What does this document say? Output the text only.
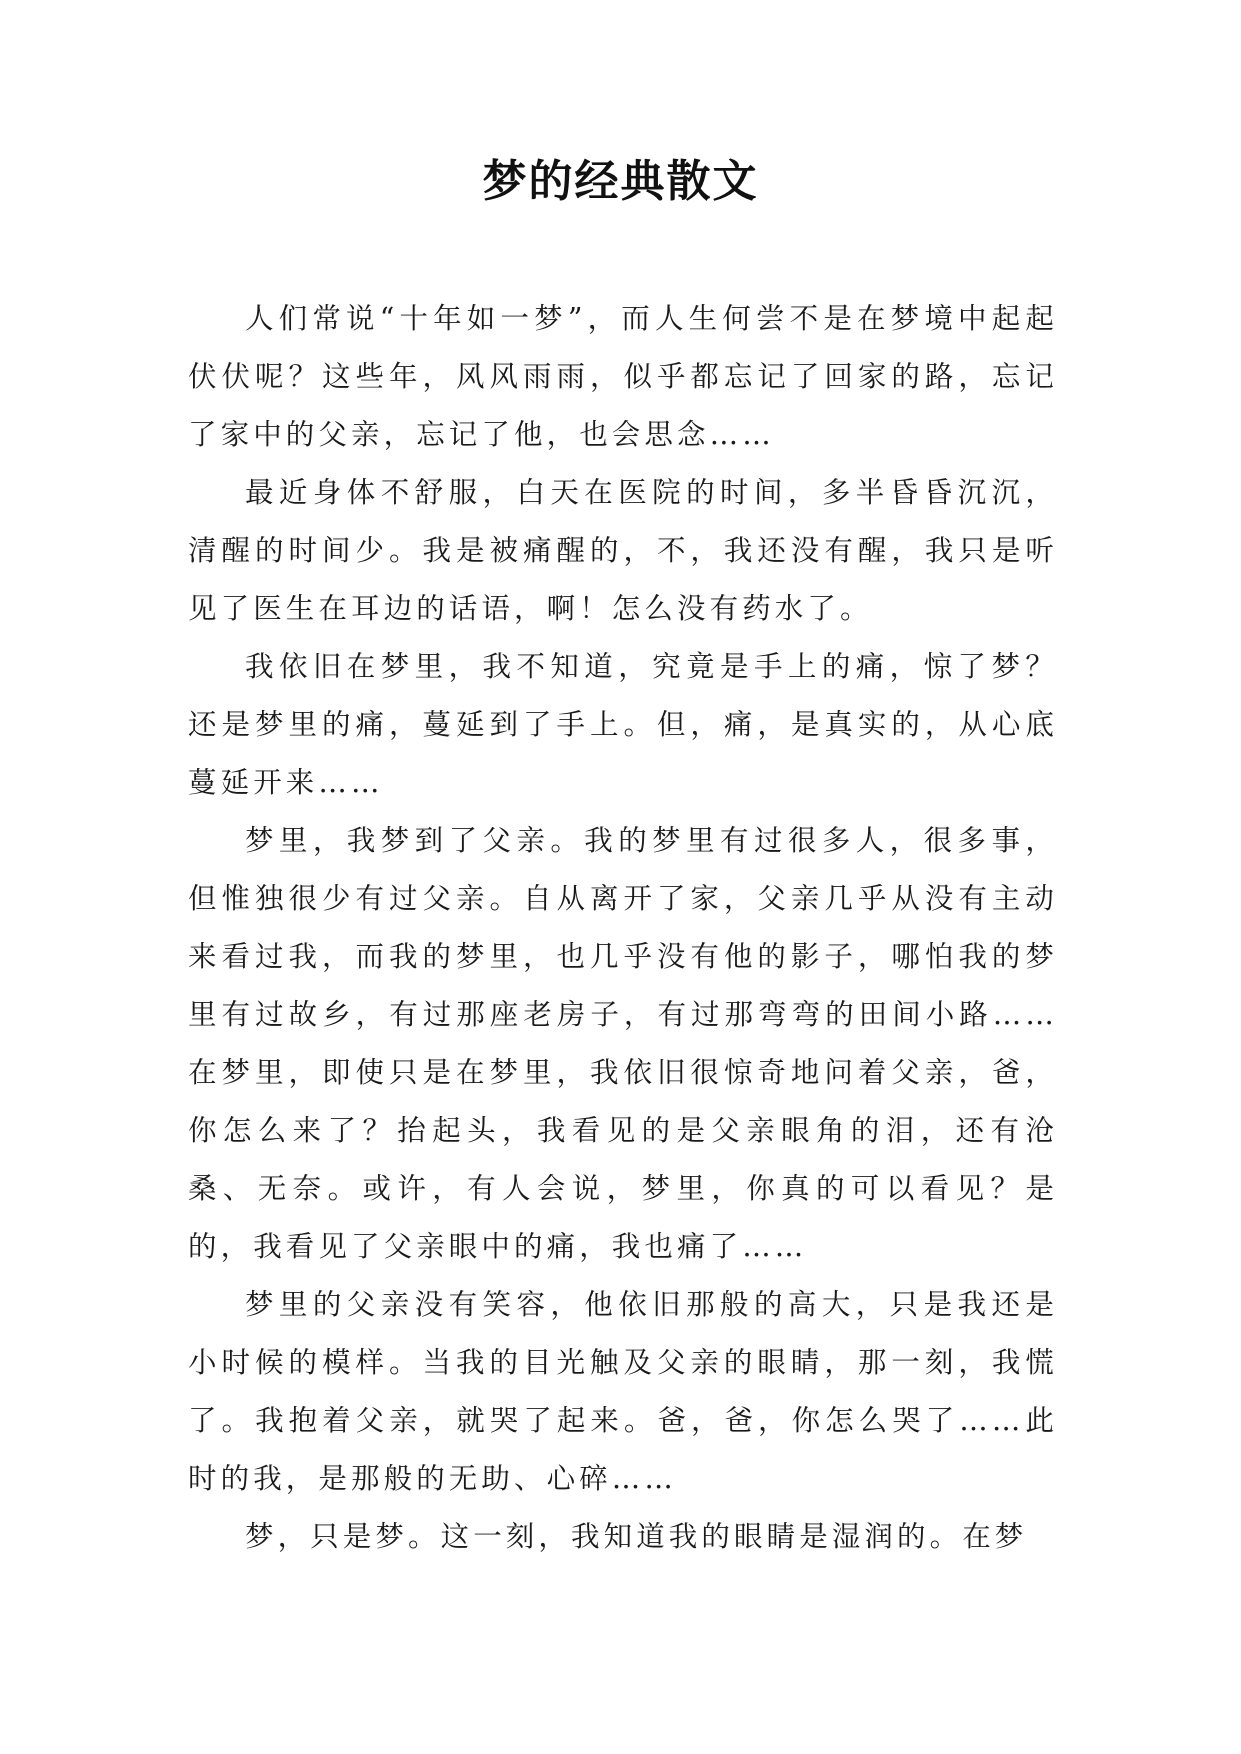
梦的经典散文

人们常说“十年如一梦”，而人生何尝不是在梦境中起起伏伏呢？这些年，风风雨雨，似乎都忘记了回家的路，忘记了家中的父亲，忘记了他，也会思念……

最近身体不舒服，白天在医院的时间，多半昏昏沉沉，清醒的时间少。我是被痛醒的，不，我还没有醒，我只是听见了医生在耳边的话语，啊！怎么没有药水了。

我依旧在梦里，我不知道，究竟是手上的痛，惊了梦？还是梦里的痛，蔓延到了手上。但，痛，是真实的，从心底蔓延开来……

梦里，我梦到了父亲。我的梦里有过很多人，很多事，但惟独很少有过父亲。自从离开了家，父亲几乎从没有主动来看过我，而我的梦里，也几乎没有他的影子，哪怕我的梦里有过故乡，有过那座老房子，有过那弯弯的田间小路……在梦里，即使只是在梦里，我依旧很惊奇地问着父亲，爸，你怎么来了？抬起头，我看见的是父亲眼角的泪，还有沧桑、无奈。或许，有人会说，梦里，你真的可以看见？是的，我看见了父亲眼中的痛，我也痛了……

梦里的父亲没有笑容，他依旧那般的高大，只是我还是小时候的模样。当我的目光触及父亲的眼睛，那一刻，我慌了。我抱着父亲，就哭了起来。爸，爸，你怎么哭了……此时的我，是那般的无助、心碎……

梦，只是梦。这一刻，我知道我的眼睛是湿润的。在梦
